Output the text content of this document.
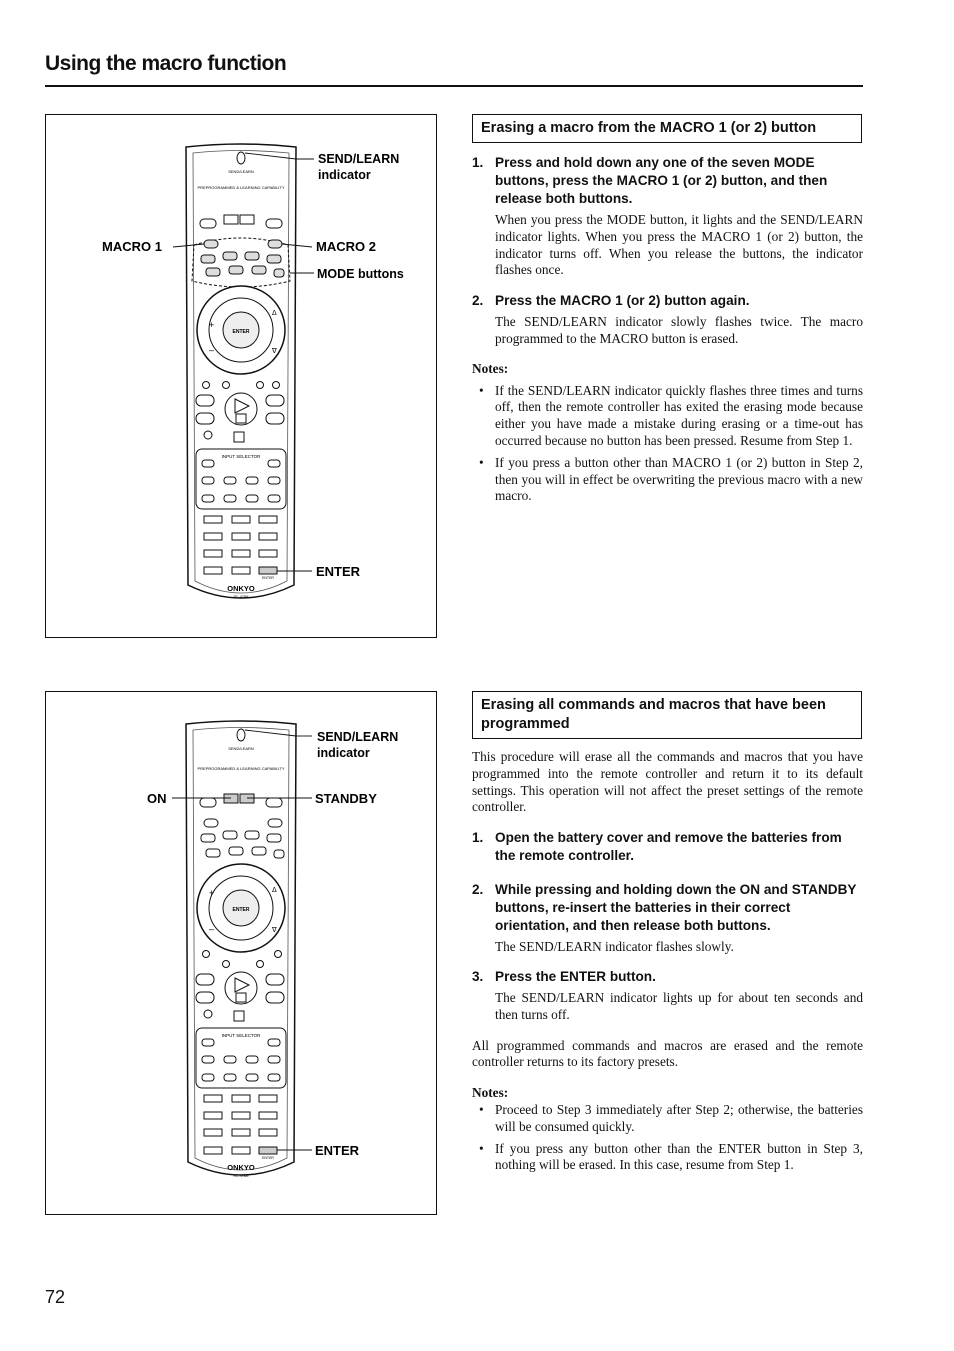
Using the macro function
SEND/LEARN
PREPROGRAMMED & LEARNING CAPABILITY
ENTER
+
–
Δ
∇
INPUT SELECTOR
ENTER
ONKYO
RC-478M
SEND/LEARN
indicator
MACRO 1	MACRO 2
MODE buttons
ENTER
Erasing a macro from the MACRO 1 (or 2) button
1. Press and hold down any one of the seven MODE buttons, press the MACRO 1 (or 2) button, and then release both buttons.
When you press the MODE button, it lights and the SEND/LEARN indicator lights. When you press the MACRO 1 (or 2) button, the indicator turns off. When you release the buttons, the indicator flashes once.
2. Press the MACRO 1 (or 2) button again.
The SEND/LEARN indicator slowly flashes twice. The macro programmed to the MACRO button is erased.
Notes:
• If the SEND/LEARN indicator quickly flashes three times and turns off, then the remote controller has exited the erasing mode because either you have made a mistake during erasing or a time-out has occurred because no button has been pressed. Resume from Step 1.
• If you press a button other than MACRO 1 (or 2) button in Step 2, then you will in effect be overwriting the previous macro with a new macro.
SEND/LEARN
PREPROGRAMMED & LEARNING CAPABILITY
ENTER
+
–
Δ
∇
INPUT SELECTOR
ENTER
ONKYO
RC-478M
SEND/LEARN
indicator
ON	STANDBY
ENTER
Erasing all commands and macros that have been programmed
This procedure will erase all the commands and macros that you have programmed into the remote controller and return it to its default settings. This operation will not affect the preset settings of the remote controller.
1. Open the battery cover and remove the batteries from the remote controller.
2. While pressing and holding down the ON and STANDBY buttons, re-insert the batteries in their correct orientation, and then release both buttons.
The SEND/LEARN indicator flashes slowly.
3. Press the ENTER button.
The SEND/LEARN indicator lights up for about ten seconds and then turns off.
All programmed commands and macros are erased and the remote controller returns to its factory presets.
Notes:
• Proceed to Step 3 immediately after Step 2; otherwise, the batteries will be consumed quickly.
• If you press any button other than the ENTER button in Step 3, nothing will be erased. In this case, resume from Step 1.
72
